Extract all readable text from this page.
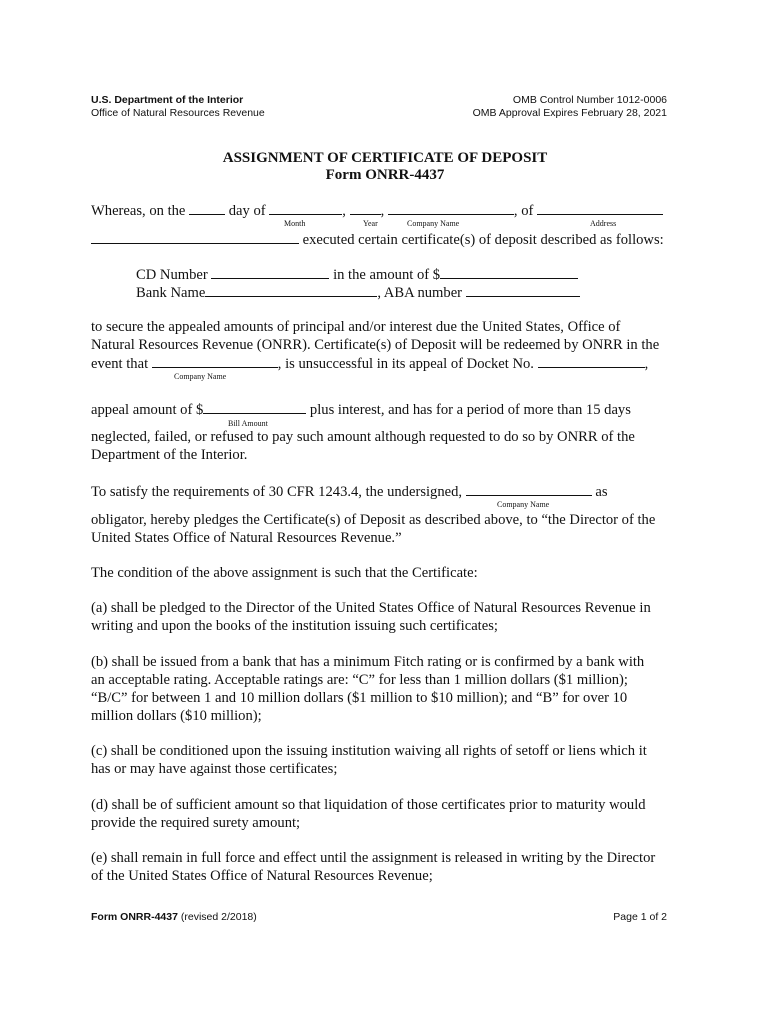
U.S. Department of the Interior
Office of Natural Resources Revenue
OMB Control Number 1012-0006
OMB Approval Expires February 28, 2021
ASSIGNMENT OF CERTIFICATE OF DEPOSIT
Form ONRR-4437
Whereas, on the	day of	, ,	, of
Month	Year	Company Name	Address
executed certain certificate(s) of deposit described as follows:
CD Number	in the amount of $
Bank Name	, ABA number
to secure the appealed amounts of principal and/or interest due the United States, Office of
Natural Resources Revenue (ONRR). Certificate(s) of Deposit will be redeemed by ONRR in the
event that	, is unsuccessful in its appeal of Docket No.	,
Company Name
appeal amount of $	plus interest, and has for a period of more than 15 days
Bill Amount
neglected, failed, or refused to pay such amount although requested to do so by ONRR of the
Department of the Interior.
To satisfy the requirements of 30 CFR 1243.4, the undersigned,	as
Company Name
obligator, hereby pledges the Certificate(s) of Deposit as described above, to “the Director of the
United States Office of Natural Resources Revenue.”
The condition of the above assignment is such that the Certificate:
(a) shall be pledged to the Director of the United States Office of Natural Resources Revenue in
writing and upon the books of the institution issuing such certificates;
(b) shall be issued from a bank that has a minimum Fitch rating or is confirmed by a bank with
an acceptable rating. Acceptable ratings are: “C” for less than 1 million dollars ($1 million);
“B/C” for between 1 and 10 million dollars ($1 million to $10 million); and “B” for over 10
million dollars ($10 million);
(c) shall be conditioned upon the issuing institution waiving all rights of setoff or liens which it
has or may have against those certificates;
(d) shall be of sufficient amount so that liquidation of those certificates prior to maturity would
provide the required surety amount;
(e) shall remain in full force and effect until the assignment is released in writing by the Director
of the United States Office of Natural Resources Revenue;
Form ONRR-4437 (revised 2/2018)	Page 1 of 2
